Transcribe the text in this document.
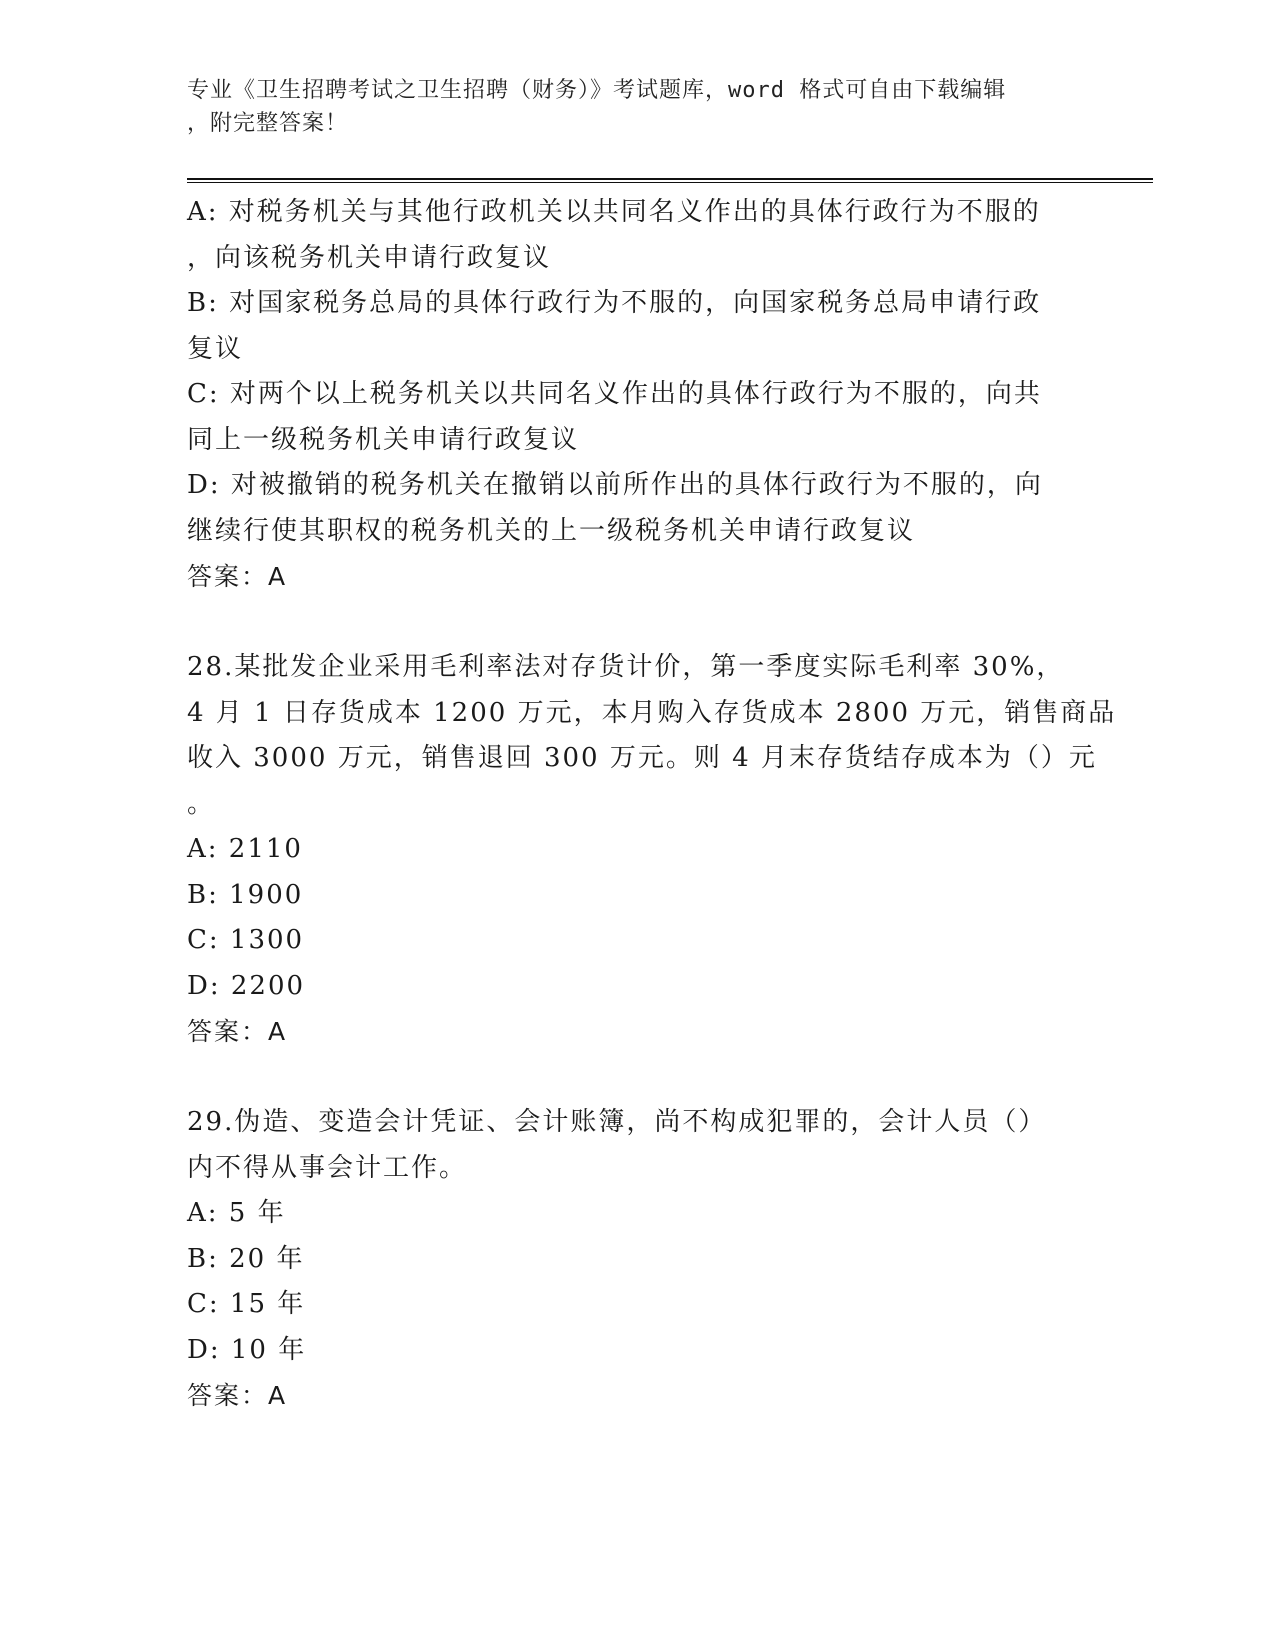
专业《卫生招聘考试之卫生招聘（财务）》考试题库，word 格式可自由下载编辑
，附完整答案！
A: 对税务机关与其他行政机关以共同名义作出的具体行政行为不服的
，向该税务机关申请行政复议
B: 对国家税务总局的具体行政行为不服的，向国家税务总局申请行政
复议
C: 对两个以上税务机关以共同名义作出的具体行政行为不服的，向共
同上一级税务机关申请行政复议
D: 对被撤销的税务机关在撤销以前所作出的具体行政行为不服的，向
继续行使其职权的税务机关的上一级税务机关申请行政复议
答案：A
28.某批发企业采用毛利率法对存货计价，第一季度实际毛利率 30%，
4 月 1 日存货成本 1200 万元，本月购入存货成本 2800 万元，销售商品
收入 3000 万元，销售退回 300 万元。则 4 月末存货结存成本为（）元
。
A: 2110
B: 1900
C: 1300
D: 2200
答案：A
29.伪造、变造会计凭证、会计账簿，尚不构成犯罪的，会计人员（）
内不得从事会计工作。
A: 5 年
B: 20 年
C: 15 年
D: 10 年
答案：A
